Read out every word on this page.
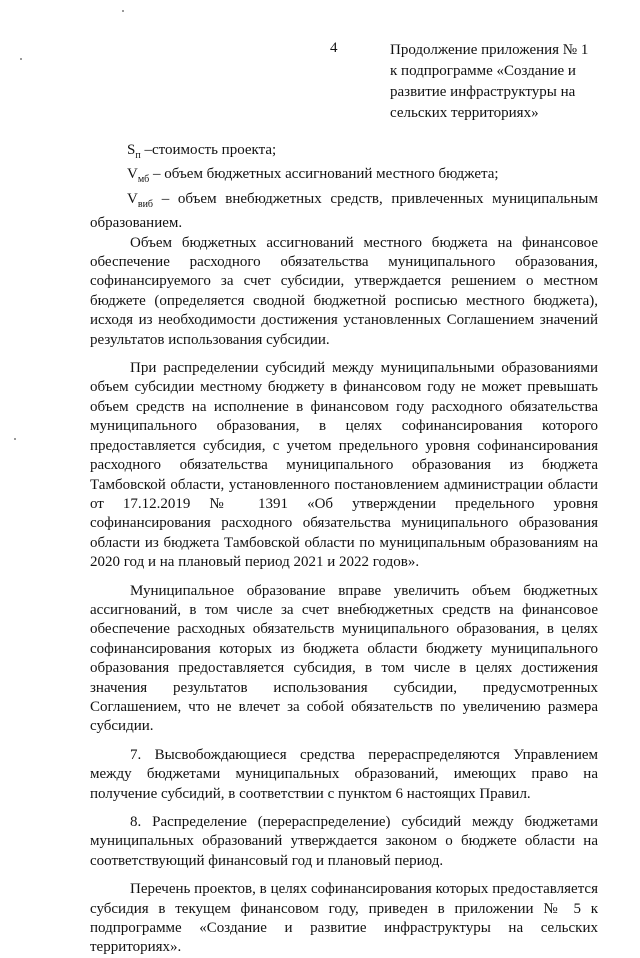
4	Продолжение приложения № 1
к подпрограмме «Создание и
развитие инфраструктуры на
сельских территориях»

$S_п$ –стоимость проекта;

$V_{мб}$ – объем бюджетных ассигнований местного бюджета;

$V_{виб}$ – объем внебюджетных средств, привлеченных муниципальным образованием.

Объем бюджетных ассигнований местного бюджета на финансовое обеспечение расходного обязательства муниципального образования, софинансируемого за счет субсидии, утверждается решением о местном бюджете (определяется сводной бюджетной росписью местного бюджета), исходя из необходимости достижения установленных Соглашением значений результатов использования субсидии.

При распределении субсидий между муниципальными образованиями объем субсидии местному бюджету в финансовом году не может превышать объем средств на исполнение в финансовом году расходного обязательства муниципального образования, в целях софинансирования которого предоставляется субсидия, с учетом предельного уровня софинансирования расходного обязательства муниципального образования из бюджета Тамбовской области, установленного постановлением администрации области от 17.12.2019 № 1391 «Об утверждении предельного уровня софинансирования расходного обязательства муниципального образования области из бюджета Тамбовской области по муниципальным образованиям на 2020 год и на плановый период 2021 и 2022 годов».

Муниципальное образование вправе увеличить объем бюджетных ассигнований, в том числе за счет внебюджетных средств на финансовое обеспечение расходных обязательств муниципального образования, в целях софинансирования которых из бюджета области бюджету муниципального образования предоставляется субсидия, в том числе в целях достижения значения результатов использования субсидии, предусмотренных Соглашением, что не влечет за собой обязательств по увеличению размера субсидии.

7. Высвобождающиеся средства перераспределяются Управлением между бюджетами муниципальных образований, имеющих право на получение субсидий, в соответствии с пунктом 6 настоящих Правил.

8. Распределение (перераспределение) субсидий между бюджетами муниципальных образований утверждается законом о бюджете области на соответствующий финансовый год и плановый период.

Перечень проектов, в целях софинансирования которых предоставляется субсидия в текущем финансовом году, приведен в приложении № 5 к подпрограмме «Создание и развитие инфраструктуры на сельских территориях».
